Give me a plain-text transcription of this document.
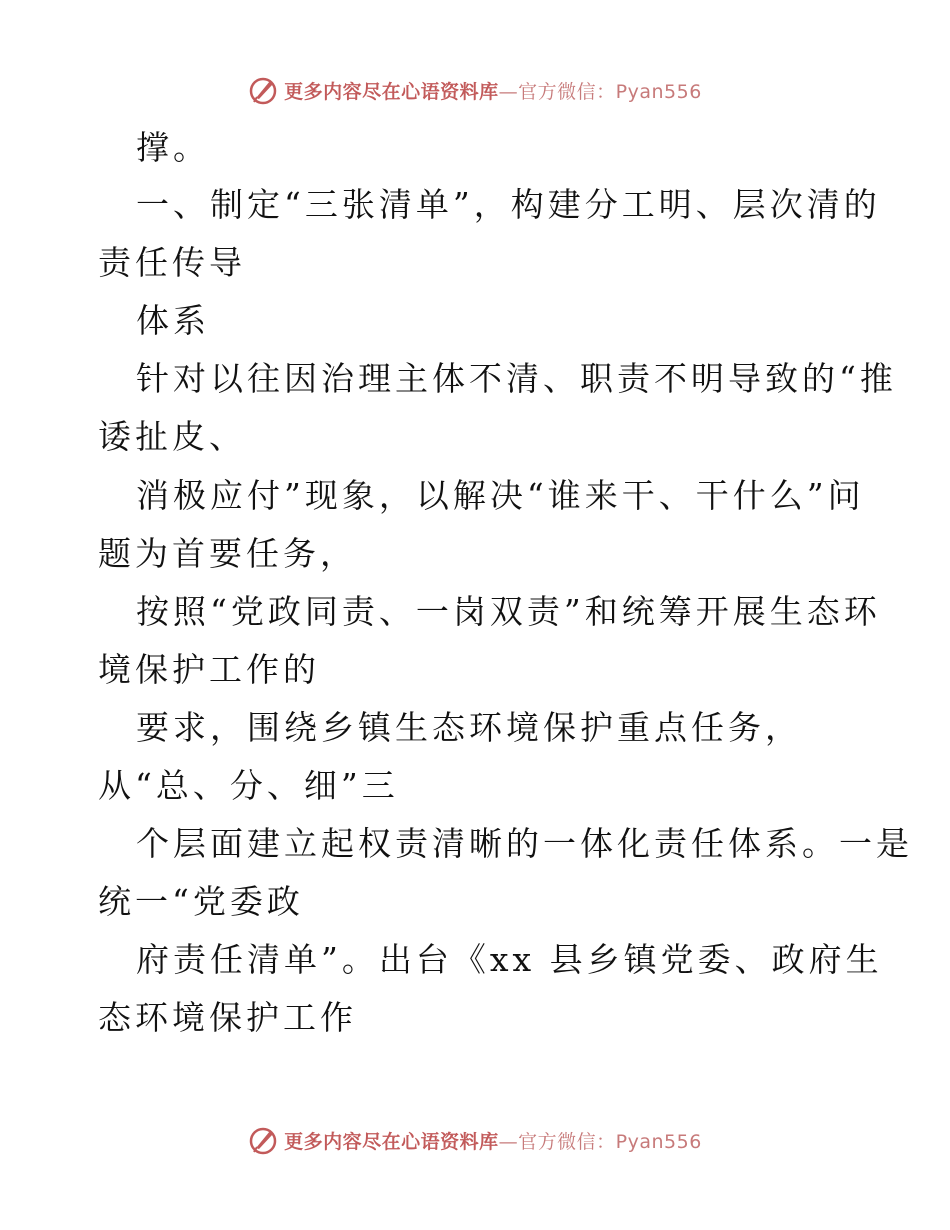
更多内容尽在心语资料库—官方微信：Pyan556
撑。
一、制定“三张清单”，构建分工明、层次清的
责任传导
体系
针对以往因治理主体不清、职责不明导致的“推
诿扯皮、
消极应付”现象，以解决“谁来干、干什么”问
题为首要任务，
按照“党政同责、一岗双责”和统筹开展生态环
境保护工作的
要求，围绕乡镇生态环境保护重点任务，
从“总、分、细”三
个层面建立起权责清晰的一体化责任体系。一是
统一“党委政
府责任清单”。出台《xx 县乡镇党委、政府生
态环境保护工作
更多内容尽在心语资料库—官方微信：Pyan556
